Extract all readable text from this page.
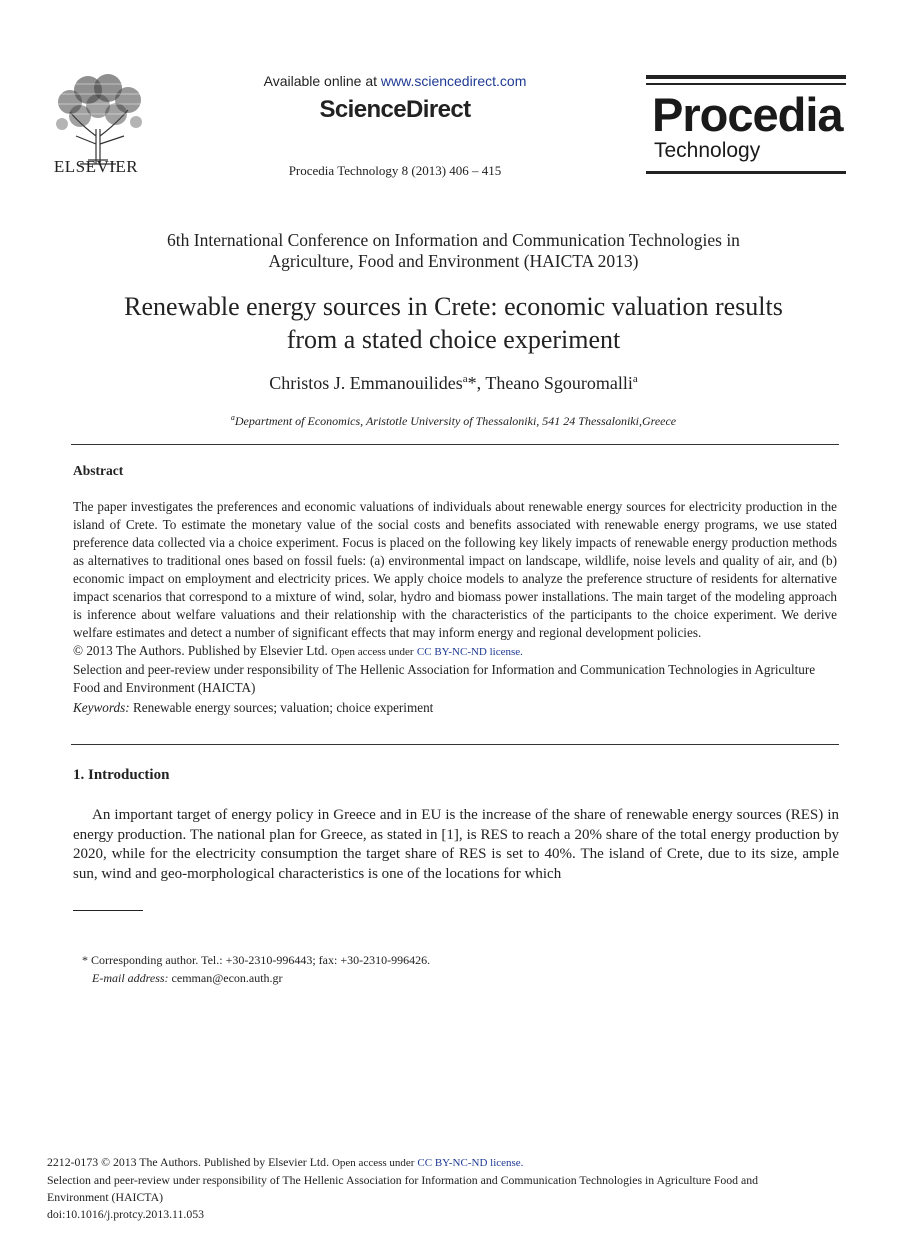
ELSEVIER
Available online at www.sciencedirect.com
ScienceDirect
Procedia Technology 8 (2013) 406 – 415
Procedia
Technology
6th International Conference on Information and Communication Technologies in
Agriculture, Food and Environment (HAICTA 2013)
Renewable energy sources in Crete: economic valuation results
from a stated choice experiment
Christos J. Emmanouilides$^a$*, Theano Sgouromalli$^a$
$^a$Department of Economics, Aristotle University of Thessaloniki, 541 24 Thessaloniki,Greece
Abstract

The paper investigates the preferences and economic valuations of individuals about renewable energy sources for electricity production in the island of Crete. To estimate the monetary value of the social costs and benefits associated with renewable energy programs, we use stated preference data collected via a choice experiment. Focus is placed on the following key likely impacts of renewable energy production methods as alternatives to traditional ones based on fossil fuels: (a) environmental impact on landscape, wildlife, noise levels and quality of air, and (b) economic impact on employment and electricity prices. We apply choice models to analyze the preference structure of residents for alternative impact scenarios that correspond to a mixture of wind, solar, hydro and biomass power installations. The main target of the modeling approach is inference about welfare valuations and their relationship with the characteristics of the participants to the choice experiment. We derive welfare estimates and detect a number of significant effects that may inform energy and regional development policies.

© 2013 The Authors. Published by Elsevier Ltd. Open access under CC BY-NC-ND license.

Selection and peer-review under responsibility of The Hellenic Association for Information and Communication Technologies in Agriculture Food and Environment (HAICTA)

Keywords: Renewable energy sources; valuation; choice experiment

1. Introduction

An important target of energy policy in Greece and in EU is the increase of the share of renewable energy sources (RES) in energy production. The national plan for Greece, as stated in [1], is RES to reach a 20% share of the total energy production by 2020, while for the electricity consumption the target share of RES is set to 40%. The island of Crete, due to its size, ample sun, wind and geo-morphological characteristics is one of the locations for which

* Corresponding author. Tel.: +30-2310-996443; fax: +30-2310-996426.

E-mail address: cemman@econ.auth.gr

2212-0173 © 2013 The Authors. Published by Elsevier Ltd. Open access under CC BY-NC-ND license.

Selection and peer-review under responsibility of The Hellenic Association for Information and Communication Technologies in Agriculture Food and Environment (HAICTA)

doi:10.1016/j.protcy.2013.11.053
